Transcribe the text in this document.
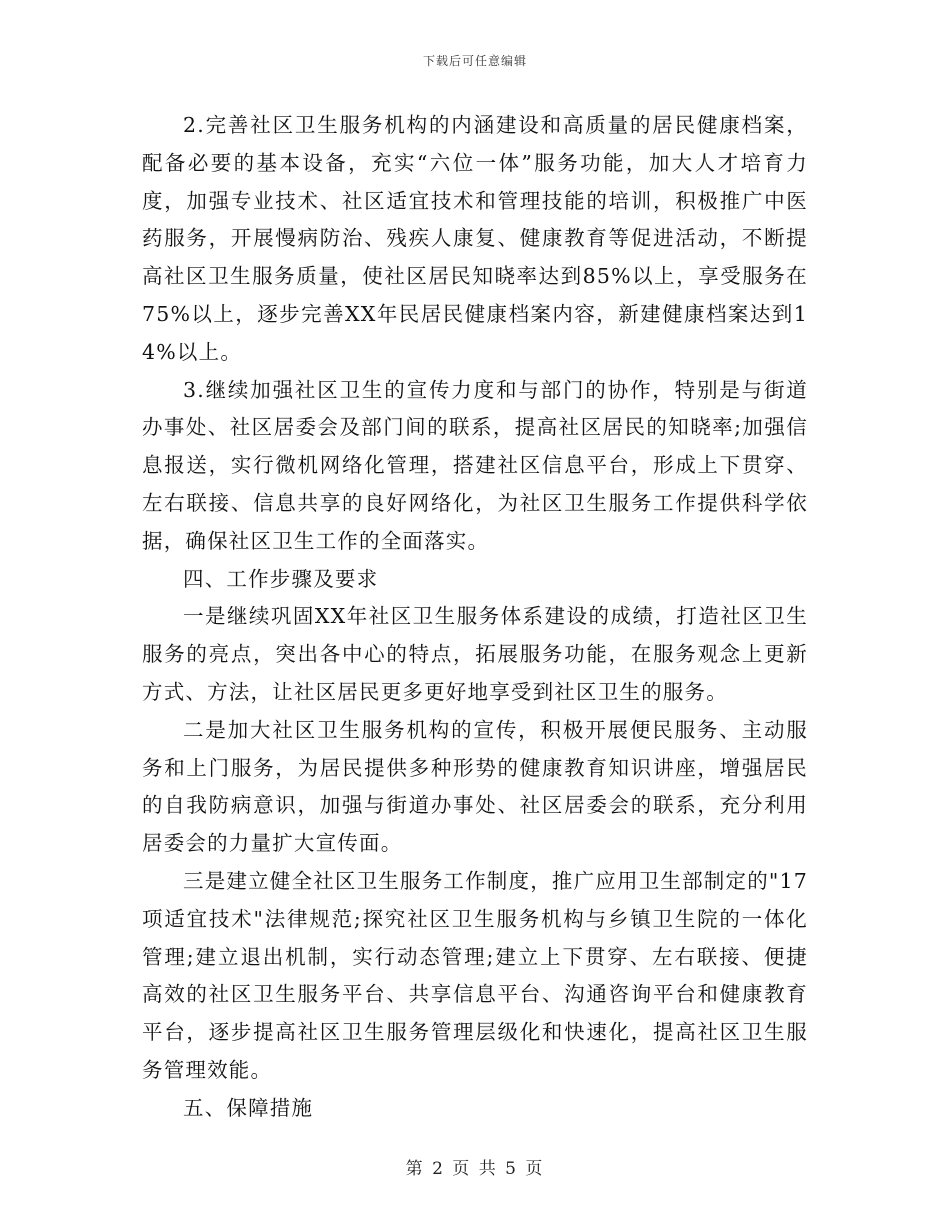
下载后可任意编辑

2.完善社区卫生服务机构的内涵建设和高质量的居民健康档案，配备必要的基本设备，充实“六位一体”服务功能，加大人才培育力度，加强专业技术、社区适宜技术和管理技能的培训，积极推广中医药服务，开展慢病防治、残疾人康复、健康教育等促进活动，不断提高社区卫生服务质量，使社区居民知晓率达到85%以上，享受服务在75%以上，逐步完善XX年民居民健康档案内容，新建健康档案达到14%以上。

3.继续加强社区卫生的宣传力度和与部门的协作，特别是与街道办事处、社区居委会及部门间的联系，提高社区居民的知晓率;加强信息报送，实行微机网络化管理，搭建社区信息平台，形成上下贯穿、左右联接、信息共享的良好网络化，为社区卫生服务工作提供科学依据，确保社区卫生工作的全面落实。

四、工作步骤及要求

一是继续巩固XX年社区卫生服务体系建设的成绩，打造社区卫生服务的亮点，突出各中心的特点，拓展服务功能，在服务观念上更新方式、方法，让社区居民更多更好地享受到社区卫生的服务。

二是加大社区卫生服务机构的宣传，积极开展便民服务、主动服务和上门服务，为居民提供多种形势的健康教育知识讲座，增强居民的自我防病意识，加强与街道办事处、社区居委会的联系，充分利用居委会的力量扩大宣传面。

三是建立健全社区卫生服务工作制度，推广应用卫生部制定的"17项适宜技术"法律规范;探究社区卫生服务机构与乡镇卫生院的一体化管理;建立退出机制，实行动态管理;建立上下贯穿、左右联接、便捷高效的社区卫生服务平台、共享信息平台、沟通咨询平台和健康教育平台，逐步提高社区卫生服务管理层级化和快速化，提高社区卫生服务管理效能。

五、保障措施

第 2 页 共 5 页
